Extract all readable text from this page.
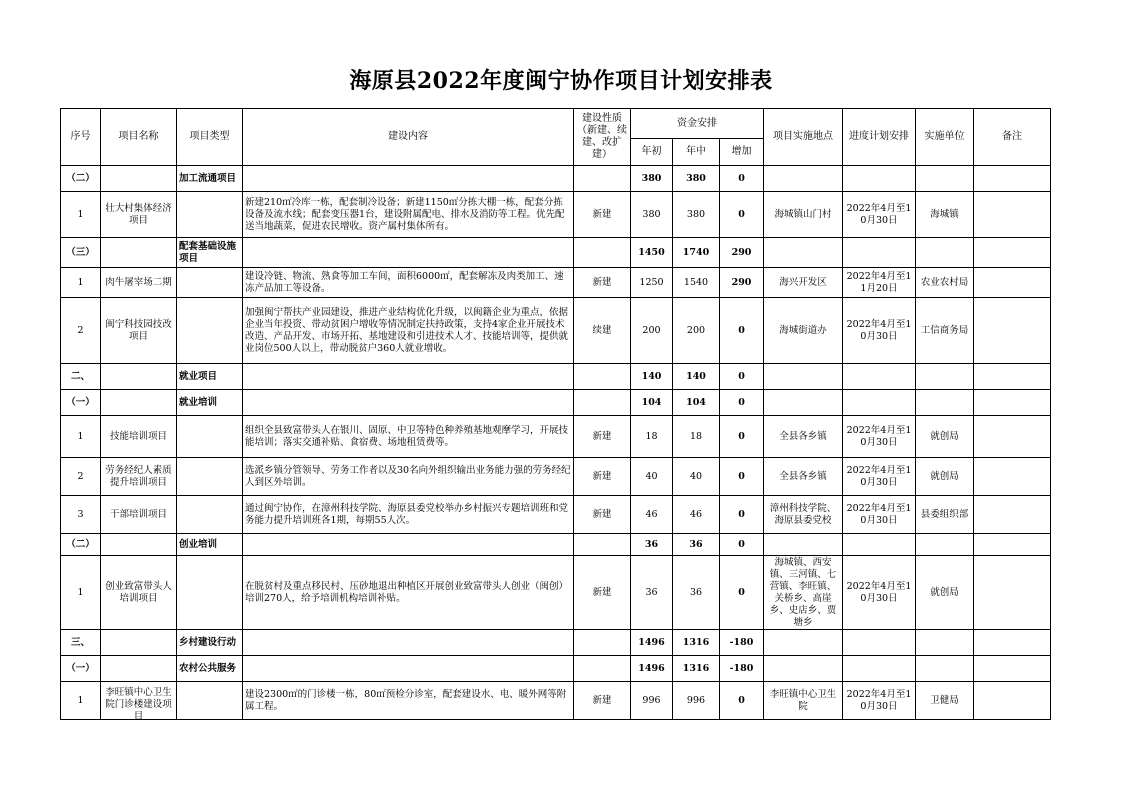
海原县2022年度闽宁协作项目计划安排表
序号	项目名称	项目类型	建设内容	建设性质（新建、续建、改扩建）	资金安排			项目实施地点	进度计划安排	实施单位	备注
					年初	年中	增加				
（二）		加工流通项目			380	380	0				
1	壮大村集体经济项目		新建210㎡冷库一栋，配套制冷设备；新建1150㎡分拣大棚一栋，配套分拣设备及流水线；配套变压器1台，建设附属配电、排水及消防等工程。优先配送当地蔬菜，促进农民增收。资产属村集体所有。	新建	380	380	0	海城镇山门村	2022年4月至10月30日	海城镇	
（三）		配套基础设施项目			1450	1740	290				
1	肉牛屠宰场二期		建设冷链、物流、熟食等加工车间，面积6000㎡，配套解冻及肉类加工、速冻产品加工等设备。	新建	1250	1540	290	海兴开发区	2022年4月至11月20日	农业农村局	
2	闽宁科技园技改项目		加强闽宁帮扶产业园建设，推进产业结构优化升级，以闽籍企业为重点，依据企业当年投资、带动贫困户增收等情况制定扶持政策，支持4家企业开展技术改造、产品开发、市场开拓、基地建设和引进技术人才、技能培训等，提供就业岗位500人以上，带动脱贫户360人就业增收。	续建	200	200	0	海城街道办	2022年4月至10月30日	工信商务局	
二、		就业项目			140	140	0				
（一）		就业培训			104	104	0				
1	技能培训项目		组织全县致富带头人在银川、固原、中卫等特色种养殖基地观摩学习，开展技能培训；落实交通补贴、食宿费、场地租赁费等。	新建	18	18	0	全县各乡镇	2022年4月至10月30日	就创局	
2	劳务经纪人素质提升培训项目		选派乡镇分管领导、劳务工作者以及30名向外组织输出业务能力强的劳务经纪人到区外培训。	新建	40	40	0	全县各乡镇	2022年4月至10月30日	就创局	
3	干部培训项目		通过闽宁协作，在漳州科技学院、海原县委党校举办乡村振兴专题培训班和党务能力提升培训班各1期，每期55人次。	新建	46	46	0	漳州科技学院、海原县委党校	2022年4月至10月30日	县委组织部	
（二）		创业培训			36	36	0				
1	创业致富带头人培训项目		在脱贫村及重点移民村、压砂地退出种植区开展创业致富带头人创业（闽创）培训270人，给予培训机构培训补贴。	新建	36	36	0	海城镇、西安镇、三河镇、七营镇、李旺镇、关桥乡、高崖乡、史店乡、贾塘乡	2022年4月至10月30日	就创局	
三、		乡村建设行动			1496	1316	-180				
（一）		农村公共服务			1496	1316	-180				
1	李旺镇中心卫生院门诊楼建设项目		建设2300㎡的门诊楼一栋，80㎡预检分诊室，配套建设水、电、暖外网等附属工程。	新建	996	996	0	李旺镇中心卫生院	2022年4月至10月30日	卫健局	
